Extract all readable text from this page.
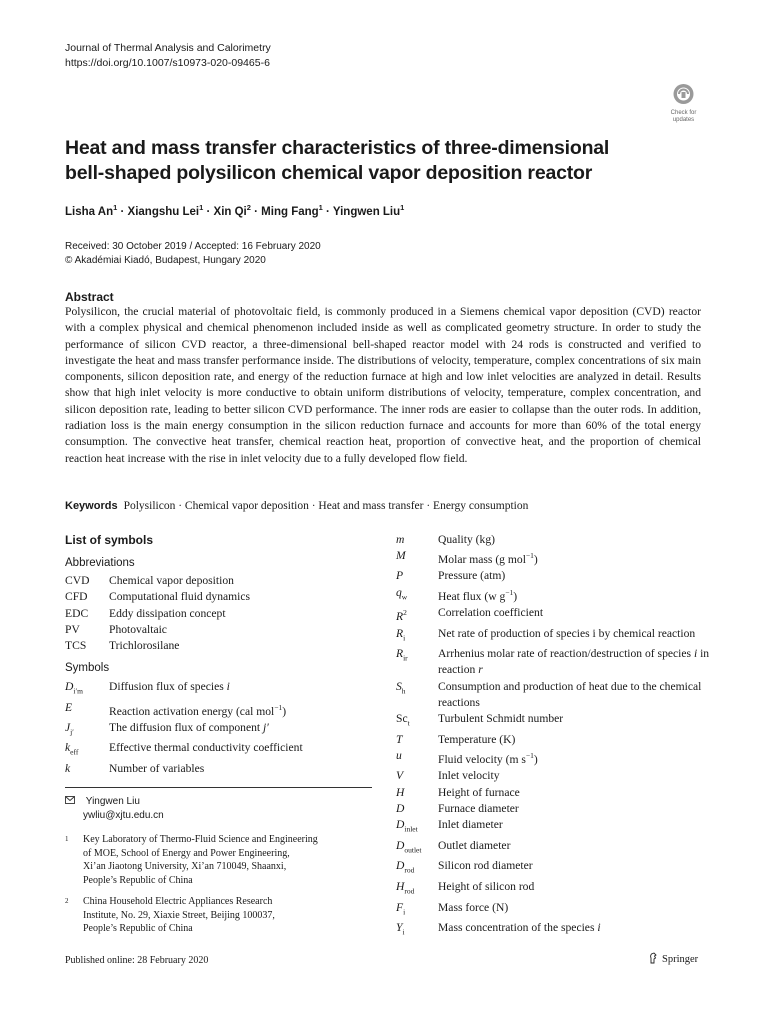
Journal of Thermal Analysis and Calorimetry
https://doi.org/10.1007/s10973-020-09465-6
Check for
updates
Heat and mass transfer characteristics of three-dimensional
bell-shaped polysilicon chemical vapor deposition reactor
Lisha $An^1$ · Xiangshu Lei$^1$ · Xin $Qi^2$ · Ming Fang$^1$ · Yingwen Liu$^1$
Received: 30 October 2019 / Accepted: 16 February 2020
© Akadémiai Kiadó, Budapest, Hungary 2020
Abstract
Polysilicon, the crucial material of photovoltaic field, is commonly produced in a Siemens chemical vapor deposition (CVD) reactor with a complex physical and chemical phenomenon included inside as well as complicated geometry structure. In order to study the performance of silicon CVD reactor, a three-dimensional bell-shaped reactor model with 24 rods is constructed and verified to investigate the heat and mass transfer performance inside. The distributions of velocity, temperature, complex concentrations of six main components, silicon deposition rate, and energy of the reduction furnace at high and low inlet velocities are analyzed in detail. Results show that high inlet velocity is more conductive to obtain uniform distributions of velocity, temperature, complex concentration, and silicon deposition rate, leading to better silicon CVD performance. The inner rods are easier to collapse than the outer rods. In addition, radiation loss is the main energy consumption in the silicon reduction furnace and accounts for more than 60% of the total energy consumption. The convective heat transfer, chemical reaction heat, proportion of convective heat, and the proportion of chemical reaction heat increase with the rise in inlet velocity due to a fully developed flow field.
Keywords Polysilicon · Chemical vapor deposition · Heat and mass transfer · Energy consumption
List of symbols
Abbreviations
CVD	Chemical vapor deposition
CFD	Computational fluid dynamics
EDC	Eddy dissipation concept
PV	Photovaltaic
TCS	Trichlorosilane
Symbols
$D_{i'm}$	Diffusion flux of species i
E	Reaction activation energy (cal mol$^{-1}$)
$J_{j'}$	The diffusion flux of component j′
$k_{eff}$	Effective thermal conductivity coefficient
k	Number of variables
m	Quality (kg)
M	Molar mass (g mol$^{-1}$)
P	Pressure (atm)
$q_w$	Heat flux (w $g^{-1}$)
$R^2$	Correlation coefficient
$R_i$	Net rate of production of species i by chemical reaction
$R_{ir}$	Arrhenius molar rate of reaction/destruction of species i in reaction r
$S_h$	Consumption and production of heat due to the chemical reactions
$Sc_t$	Turbulent Schmidt number
T	Temperature (K)
u	Fluid velocity (m $s^{-1}$)
V	Inlet velocity
H	Height of furnace
D	Furnace diameter
$D_{inlet}$	Inlet diameter
$D_{outlet}$	Outlet diameter
$D_{rod}$	Silicon rod diameter
$H_{rod}$	Height of silicon rod
$F_i$	Mass force (N)
$Y_i$	Mass concentration of the species i
Yingwen Liu
ywliu@xjtu.edu.cn
1 Key Laboratory of Thermo-Fluid Science and Engineering
of MOE, School of Energy and Power Engineering,
Xi’an Jiaotong University, Xi’an 710049, Shaanxi,
People’s Republic of China
2 China Household Electric Appliances Research
Institute, No. 29, Xiaxie Street, Beijing 100037,
People’s Republic of China
Published online: 28 February 2020	Springer
